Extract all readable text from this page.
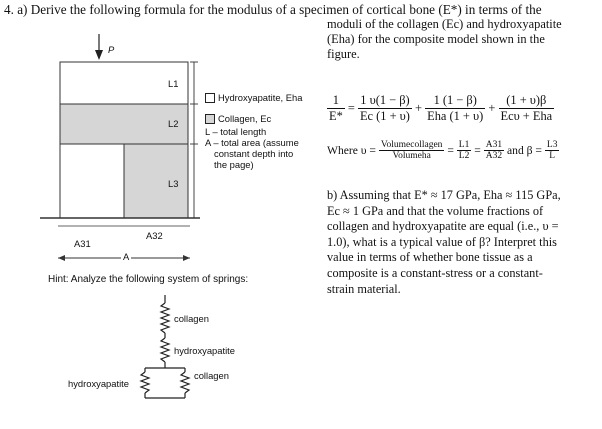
4. a) Derive the following formula for the modulus of a specimen of cortical bone (E*) in terms of the
moduli of the collagen (Ec) and hydroxyapatite
(Eha) for the composite model shown in the
figure.
$\frac{1}{E*} = \frac{1 \upsilon(1 - \beta)}{Ec (1 + \upsilon)} + \frac{1 (1 - \beta)}{\text{Eha (1 + υ)}} + \frac{(1 + \upsilon)\beta}{\text{Ecυ + Eha}}$
Where $\upsilon = \frac{\text{Volumecollagen}}{\text{Volumeha}} = \frac{L1}{L2} = \frac{A31}{A32}$ and $\beta = \frac{L3}{L}$
b) Assuming that E* ≈ 17 GPa, Eha ≈ 115 GPa,
Ec ≈ 1 GPa and that the volume fractions of
collagen and hydroxyapatite are equal (i.e., υ =
1.0), what is a typical value of β? Interpret this
value in terms of whether bone tissue as a
composite is a constant-stress or a constant-
strain material.
P
L1
L2
L3
A31
A32
A
Hydroxyapatite, Eha
Collagen, Ec
L – total length
A – total area (assume
constant depth into
the page)
Hint: Analyze the following system of springs:
collagen
hydroxyapatite
hydroxyapatite
collagen
